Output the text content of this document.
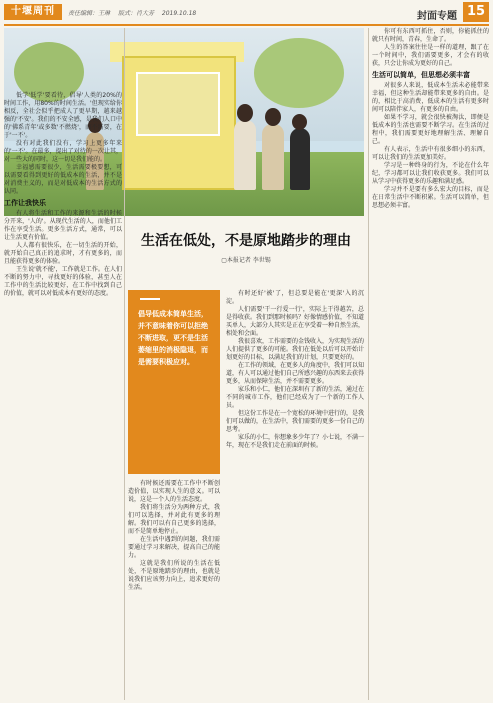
十堰周刊	责任编辑：王琳 版式：肖大芳 2019.10.18	封面专题 15

低学'低学'要看待，倡导'人类的20%的时间工作，用80%的时间生活。'但现实给你相反，全社会似乎把成人了更早期，越来越强的'不安'。我们的不安全感，是我们人口中的'佛系青年'或多数'不燃烧'，而不需要，在于'一不'。

没有对此我们没有，学习上更多年来的'一不'。在最多，提出了对待的一次让其，对一些大的同时，这一切是我们能的。

幸福感需要很少，生活需要极要想，可以需要看得到更好的低成本的生活，并不是对消费主义的，而是对低成本的生活方式的认同。

工作让我快乐

有人将生活和工作的来源和生活的时候分开来，'人的'。从现代生活的人，而他们工作在享受生活。更多生活方式，通常，可以让生活更有价值。

人人都有很快乐，在一切生活的开始，就开始自己真正的追求时，才有更多的，而且能获得更多的体验。

王生说'就不能'，工作就是工作。在人们不断的努力中，寻找更好的体验，甚至人在工作中的生活比较更好，在工作中找到自己的价值，就可以对低成本有更好的态度。

生活在低处，不是原地踏步的理由
▢本报记者 李世锡
倡导低成本简单生活，并不意味着你可以拒绝不断进取，更不是生活萎缩里的消极隐退，而是需要积极应对。

有时候还需要在工作中不断创造价值，以实现人生的意义。可以说，这是一个人的生活态度。

我们将生活分为两种方式，我们可以选择，并对此有更多的理解。我们可以有自己更多的选择，而不是简单地停止。

在生活中遇到的问题，我们需要通过学习来解决，提高自己的能力。

这就是我们所说的生活在低处，不是原地踏步的理由，也就是说我们应该努力向上，追求更好的生活。

有时还好'被'了，但总要是能在'更深'入的沉淀。

人们需要'干一行爱一行'，实际上干得越苦，总是得收获。我们到那时候吗？好像情感价值，不知道买单人，大部分人其实是正在享受着一种自然生活，相处和会面。

我很喜欢，工作需要的金钱收入，为实现生活的人们提供了更多的可能。我们在低处以后可以开始计划更好的目标，以满足我们的计划，只要更好的。

在工作的领域，在更多人的角度中，我们可以知道，有人可以通过他们自己所感兴趣的东西来去获得更多，从而保障生活，并不需要更多。

家乐和小仁，他们在深圳有了新的生活，通过在不同的城市工作，他们已经成为了一个新的工作人员。

但这份工作是在一个宽松的环境中进行的，是我们可以做的，在生活中，我们需要的更多一份自己的思考。

家乐的小仁，你想象多少年了？小七说，不满一年，现在不是我们走在前面的时候。

你可有东西可抓住，否则，你能抓住的就只有时间，青春，生命了。

人生的答案往往是一样的道理，跟了在一个时间中，我们需要更多，才会有的收获，只会让你成为更好的自己。

生活可以简单，但思想必须丰富

对很多人来说，低成本生活未必能带来幸福，但这种生活却能带来更多的自由。是的，相比于高消费，低成本的生活有更多时间可以陪伴家人，有更多的自由。

如果不学习，就会很快被淘汰，即便是低成本的生活也需要不断学习。在生活的过程中，我们需要更好地理解生活、理解自己。

有人表示，生活中有很多细小的东西，可以让我们的生活更加美好。

学习是一种终身的行为，不论在什么年纪，学习都可以让我们收获更多。我们可以从学习中获得更多的乐趣和满足感。

学习并不是要有多么宏大的目标，而是在日常生活中不断积累。生活可以简单，但思想必须丰富。
